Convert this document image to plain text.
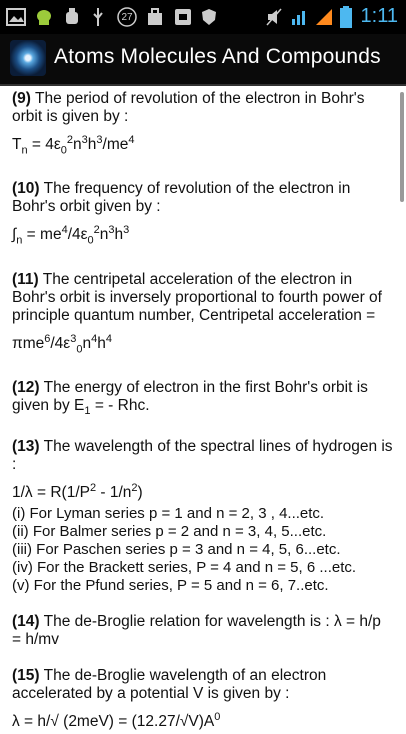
27	1:11
Atoms Molecules And Compounds
(9) The period of revolution of the electron in Bohr's orbit is given by :
$T_n = 4\varepsilon_0^2n^3h^3/me^4$
(10) The frequency of revolution of the electron in Bohr's orbit given by :
$\int_n = me^4/4\varepsilon_0^2n^3h^3$
(11) The centripetal acceleration of the electron in Bohr's orbit is inversely proportional to fourth power of principle quantum number, Centripetal acceleration =
$\pi me^6/4\varepsilon^3_0n^4h^4$
(12) The energy of electron in the first Bohr's orbit is given by $E_1$ = - Rhc.
(13) The wavelength of the spectral lines of hydrogen is :
$1/\lambda = R(1/P^2 - 1/n^2)$
(i) For Lyman series p = 1 and n = 2, 3 , 4...etc.
(ii) For Balmer series p = 2 and n = 3, 4, 5...etc.
(iii) For Paschen series p = 3 and n = 4, 5, 6...etc.
(iv) For the Brackett series, P = 4 and n = 5, 6 ...etc.
(v) For the Pfund series, P = 5 and n = 6, 7..etc.
(14) The de-Broglie relation for wavelength is : λ = h/p = h/mv
(15) The de-Broglie wavelength of an electron accelerated by a potential V is given by :
λ = h/√ $(2meV) = (12.27/√V)A^0$
